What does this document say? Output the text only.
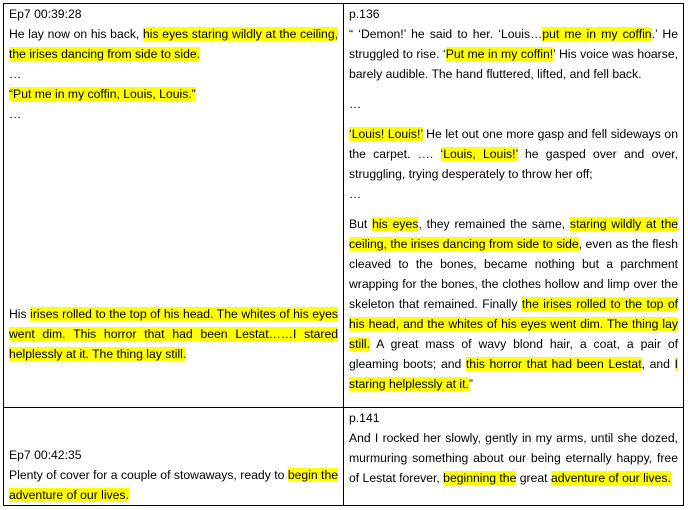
Ep7 00:39:28

He lay now on his back, his eyes staring wildly at the ceiling, the irises dancing from side to side.

…

“Put me in my coffin, Louis, Louis.”

…

His irises rolled to the top of his head. The whites of his eyes went dim. This horror that had been Lestat……I stared helplessly at it. The thing lay still.

p.136

“ ‘Demon!’ he said to her. ‘Louis…put me in my coffin.’ He struggled to rise. ‘Put me in my coffin!’ His voice was hoarse, barely audible. The hand fluttered, lifted, and fell back.

…

‘Louis! Louis!’ He let out one more gasp and fell sideways on the carpet. …. ‘Louis, Louis!’ he gasped over and over, struggling, trying desperately to throw her off;

…

But his eyes, they remained the same, staring wildly at the ceiling, the irises dancing from side to side, even as the flesh cleaved to the bones, became nothing but a parchment wrapping for the bones, the clothes hollow and limp over the skeleton that remained. Finally the irises rolled to the top of his head, and the whites of his eyes went dim. The thing lay still. A great mass of wavy blond hair, a coat, a pair of gleaming boots; and this horror that had been Lestat, and I staring helplessly at it.”

Ep7 00:42:35

Plenty of cover for a couple of stowaways, ready to begin the adventure of our lives.

p.141

And I rocked her slowly, gently in my arms, until she dozed, murmuring something about our being eternally happy, free of Lestat forever, beginning the great adventure of our lives.
